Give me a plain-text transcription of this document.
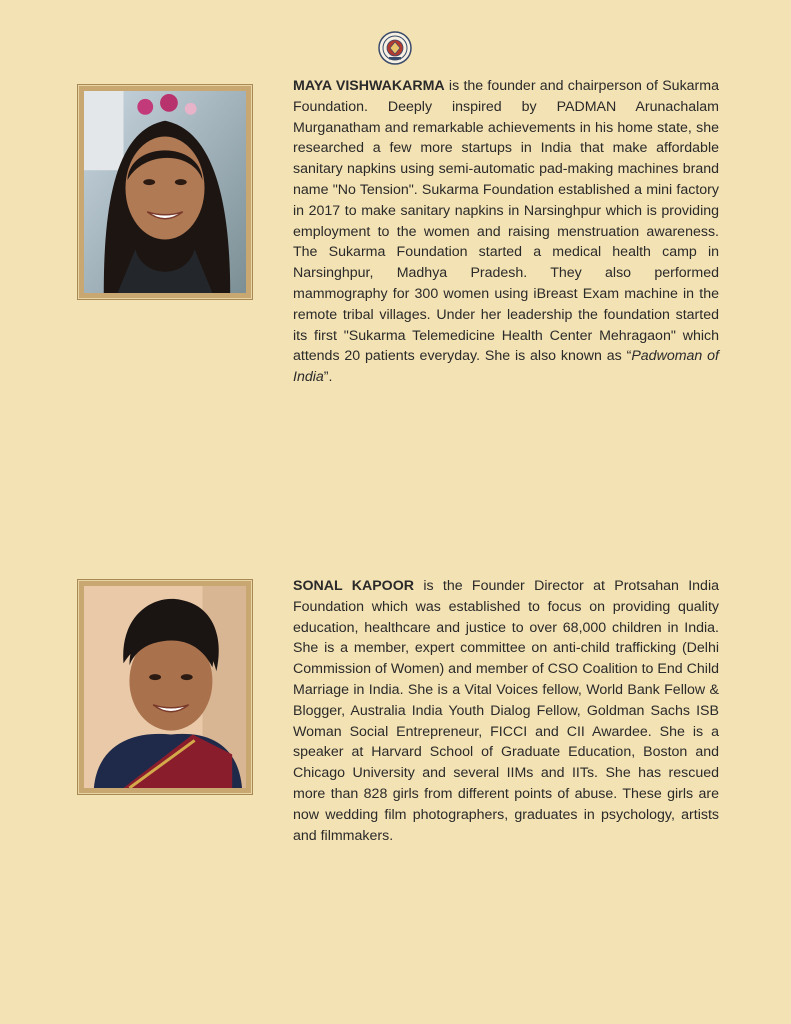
MAYA VISHWAKARMA is the founder and chairperson of Sukarma Foundation. Deeply inspired by PADMAN Arunachalam Murganatham and remarkable achievements in his home state, she researched a few more startups in India that make affordable sanitary napkins using semi-automatic pad-making machines brand name "No Tension". Sukarma Foundation established a mini factory in 2017 to make sanitary napkins in Narsinghpur which is providing employment to the women and raising menstruation awareness. The Sukarma Foundation started a medical health camp in Narsinghpur, Madhya Pradesh. They also performed mammography for 300 women using iBreast Exam machine in the remote tribal villages. Under her leadership the foundation started its first "Sukarma Telemedicine Health Center Mehragaon" which attends 20 patients everyday. She is also known as “Padwoman of India”.

SONAL KAPOOR is the Founder Director at Protsahan India Foundation which was established to focus on providing quality education, healthcare and justice to over 68,000 children in India. She is a member, expert committee on anti-child trafficking (Delhi Commission of Women) and member of CSO Coalition to End Child Marriage in India. She is a Vital Voices fellow, World Bank Fellow & Blogger, Australia India Youth Dialog Fellow, Goldman Sachs ISB Woman Social Entrepreneur, FICCI and CII Awardee. She is a speaker at Harvard School of Graduate Education, Boston and Chicago University and several IIMs and IITs. She has rescued more than 828 girls from different points of abuse. These girls are now wedding film photographers, graduates in psychology, artists and filmmakers.
